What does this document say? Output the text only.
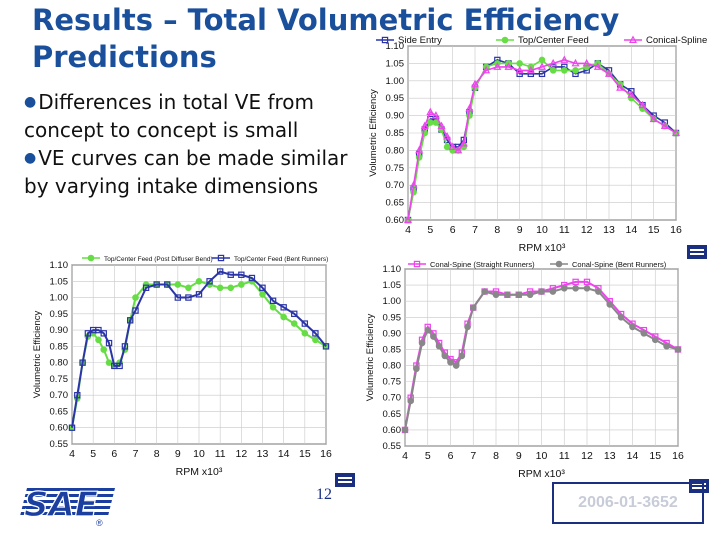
Results – Total Volumetric Efficiency Predictions

● Differences in total VE from concept to concept is small

● VE curves can be made similar by varying intake dimensions

0.60
0.65
0.70
0.75
0.80
0.85
0.90
0.95
1.00
1.05
1.10
4 5 6 7 8 9 10 11 12 13 14 15 16
RPM x10³
Volumetric Efficiency
Side Entry	Top/Center Feed	Conical-Spline
0.55
0.60
0.65
0.70
0.75
0.80
0.85
0.90
0.95
1.00
1.05
1.10
4 5 6 7 8 9 10 11 12 13 14 15 16
RPM x10³
Volumetric Efficiency
Top/Center Feed (Post Diffuser Bend)	Top/Center Feed (Bent Runners)
0.55
0.60
0.65
0.70
0.75
0.80
0.85
0.90
0.95
1.00
1.05
1.10
4 5 6 7 8 9 10 11 12 13 14 15 16
RPM x10³
Volumetric Efficiency
Conal-Spine (Straight Runners)	Conal-Spine (Bent Runners)
SAE
®
12	2006-01-3652
